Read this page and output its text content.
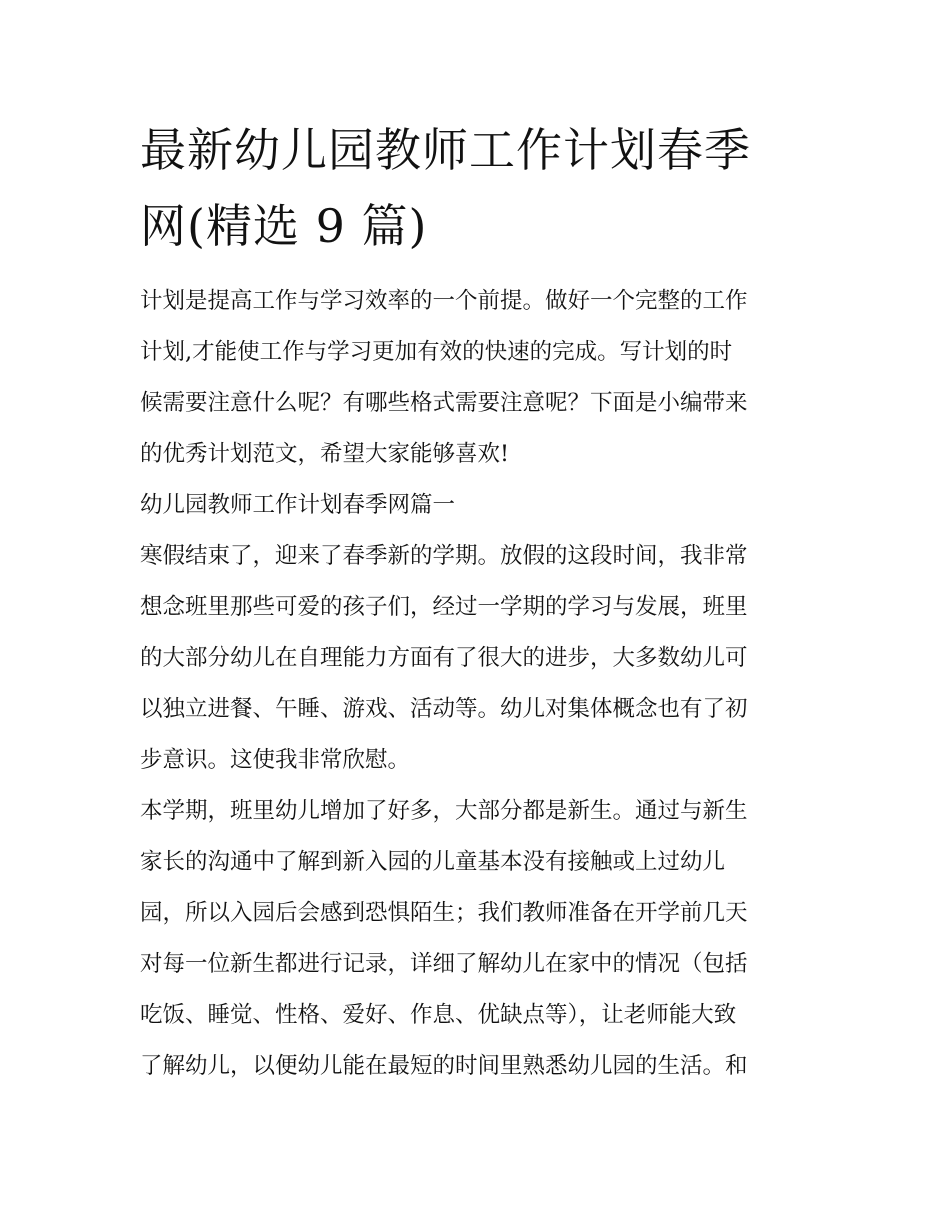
最新幼儿园教师工作计划春季
网(精选 9 篇)

计划是提高工作与学习效率的一个前提。做好一个完整的工作

计划,才能使工作与学习更加有效的快速的完成。写计划的时

候需要注意什么呢？有哪些格式需要注意呢？下面是小编带来

的优秀计划范文，希望大家能够喜欢!

幼儿园教师工作计划春季网篇一

寒假结束了，迎来了春季新的学期。放假的这段时间，我非常

想念班里那些可爱的孩子们，经过一学期的学习与发展，班里

的大部分幼儿在自理能力方面有了很大的进步，大多数幼儿可

以独立进餐、午睡、游戏、活动等。幼儿对集体概念也有了初

步意识。这使我非常欣慰。

本学期，班里幼儿增加了好多，大部分都是新生。通过与新生

家长的沟通中了解到新入园的儿童基本没有接触或上过幼儿

园，所以入园后会感到恐惧陌生；我们教师准备在开学前几天

对每一位新生都进行记录，详细了解幼儿在家中的情况（包括

吃饭、睡觉、性格、爱好、作息、优缺点等），让老师能大致

了解幼儿，以便幼儿能在最短的时间里熟悉幼儿园的生活。和
